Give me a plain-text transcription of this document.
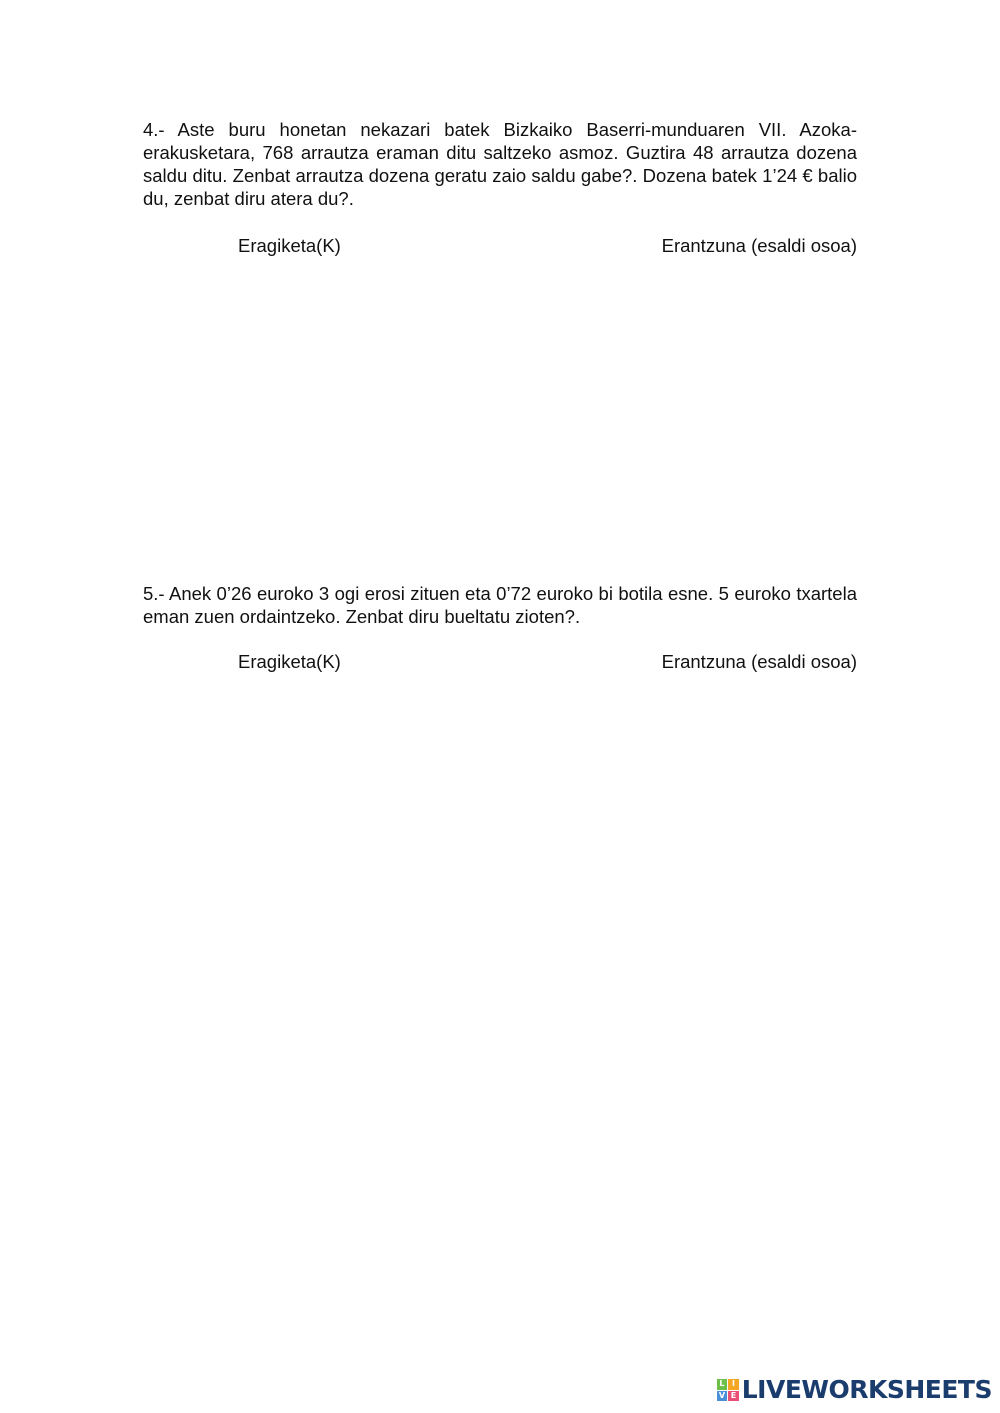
4.- Aste buru honetan nekazari batek Bizkaiko Baserri-munduaren VII. Azoka-erakusketara, 768 arrautza eraman ditu saltzeko asmoz. Guztira 48 arrautza dozena saldu ditu. Zenbat arrautza dozena geratu zaio saldu gabe?. Dozena batek 1’24 € balio du, zenbat diru atera du?.

Eragiketa(K)	Erantzuna (esaldi osoa)

5.- Anek 0’26 euroko 3 ogi erosi zituen eta 0’72 euroko bi botila esne. 5 euroko txartela eman zuen ordaintzeko. Zenbat diru bueltatu zioten?.

Eragiketa(K)	Erantzuna (esaldi osoa)
L I
V E LIVEWORKSHEETS
